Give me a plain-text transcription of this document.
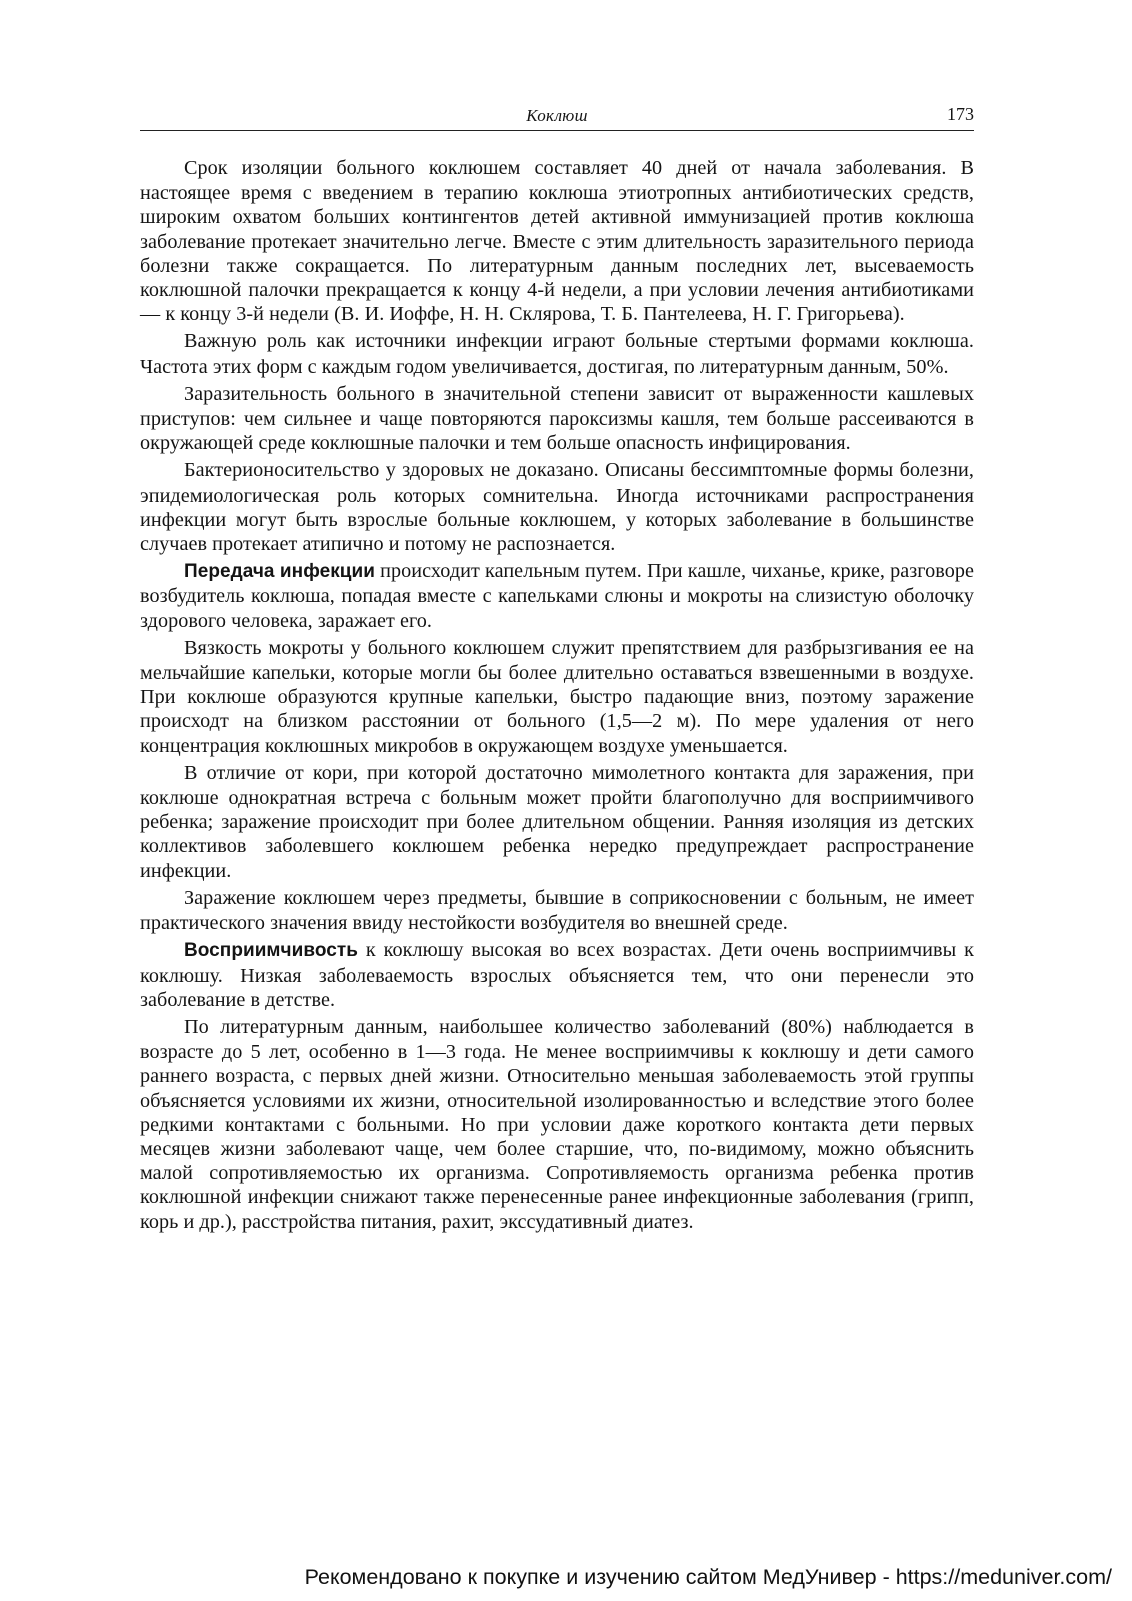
Коклюш	173

Срок изоляции больного коклюшем составляет 40 дней от начала заболевания. В настоящее время с введением в терапию коклюша этиотропных антибиотических средств, широким охватом больших контингентов детей активной иммунизацией против коклюша заболевание протекает значительно легче. Вместе с этим длительность заразительного периода болезни также сокращается. По литературным данным последних лет, высеваемость коклюшной палочки прекращается к концу 4-й недели, а при условии лечения антибиотиками — к концу 3-й недели (В. И. Иоффе, Н. Н. Склярова, Т. Б. Пантелеева, Н. Г. Григорьева).

Важную роль как источники инфекции играют больные стертыми формами коклюша. Частота этих форм с каждым годом увеличивается, достигая, по литературным данным, 50%.

Заразительность больного в значительной степени зависит от выраженности кашлевых приступов: чем сильнее и чаще повторяются пароксизмы кашля, тем больше рассеиваются в окружающей среде коклюшные палочки и тем больше опасность инфицирования.

Бактерионосительство у здоровых не доказано. Описаны бессимптомные формы болезни, эпидемиологическая роль которых сомнительна. Иногда источниками распространения инфекции могут быть взрослые больные коклюшем, у которых заболевание в большинстве случаев протекает атипично и потому не распознается.

Передача инфекции происходит капельным путем. При кашле, чиханье, крике, разговоре возбудитель коклюша, попадая вместе с капельками слюны и мокроты на слизистую оболочку здорового человека, заражает его.

Вязкость мокроты у больного коклюшем служит препятствием для разбрызгивания ее на мельчайшие капельки, которые могли бы более длительно оставаться взвешенными в воздухе. При коклюше образуются крупные капельки, быстро падающие вниз, поэтому заражение происходт на близком расстоянии от больного (1,5—2 м). По мере удаления от него концентрация коклюшных микробов в окружающем воздухе уменьшается.

В отличие от кори, при которой достаточно мимолетного контакта для заражения, при коклюше однократная встреча с больным может пройти благополучно для восприимчивого ребенка; заражение происходит при более длительном общении. Ранняя изоляция из детских коллективов заболевшего коклюшем ребенка нередко предупреждает распространение инфекции.

Заражение коклюшем через предметы, бывшие в соприкосновении с больным, не имеет практического значения ввиду нестойкости возбудителя во внешней среде.

Восприимчивость к коклюшу высокая во всех возрастах. Дети очень восприимчивы к коклюшу. Низкая заболеваемость взрослых объясняется тем, что они перенесли это заболевание в детстве.

По литературным данным, наибольшее количество заболеваний (80%) наблюдается в возрасте до 5 лет, особенно в 1—3 года. Не менее восприимчивы к коклюшу и дети самого раннего возраста, с первых дней жизни. Относительно меньшая заболеваемость этой группы объясняется условиями их жизни, относительной изолированностью и вследствие этого более редкими контактами с больными. Но при условии даже короткого контакта дети первых месяцев жизни заболевают чаще, чем более старшие, что, по-видимому, можно объяснить малой сопротивляемостью их организма. Сопротивляемость организма ребенка против коклюшной инфекции снижают также перенесенные ранее инфекционные заболевания (грипп, корь и др.), расстройства питания, рахит, экссудативный диатез.

Рекомендовано к покупке и изучению сайтом МедУнивер - https://meduniver.com/
